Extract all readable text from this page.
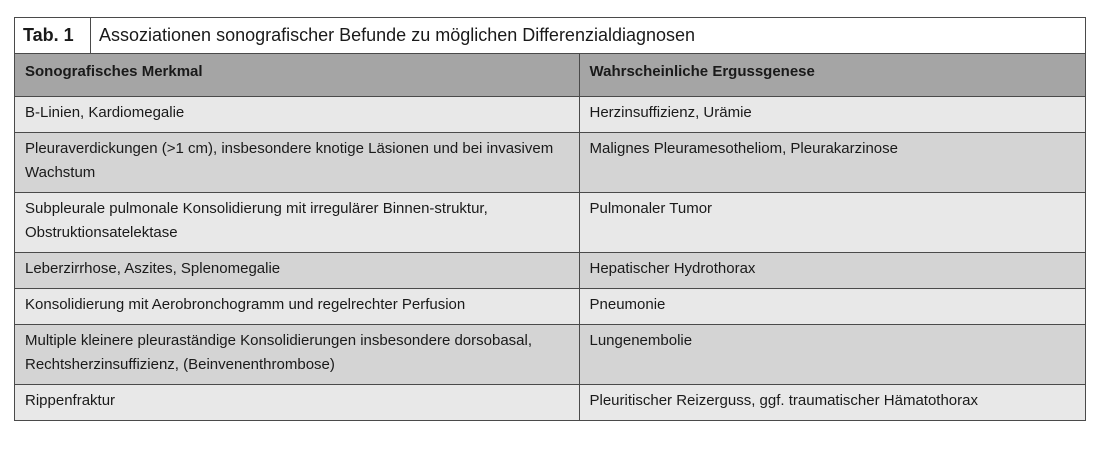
Tab. 1	Assoziationen sonografischer Befunde zu möglichen Differenzialdiagnosen
Sonografisches Merkmal	Wahrscheinliche Ergussgenese
B-Linien, Kardiomegalie	Herzinsuffizienz, Urämie
Pleuraverdickungen (>1 cm), insbesondere knotige Läsionen und bei invasivem Wachstum	Malignes Pleuramesotheliom, Pleurakarzinose
Subpleurale pulmonale Konsolidierung mit irregulärer Binnen-struktur, Obstruktionsatelektase	Pulmonaler Tumor
Leberzirrhose, Aszites, Splenomegalie	Hepatischer Hydrothorax
Konsolidierung mit Aerobronchogramm und regelrechter Perfusion	Pneumonie
Multiple kleinere pleuraständige Konsolidierungen insbesondere dorsobasal, Rechtsherzinsuffizienz, (Beinvenenthrombose)	Lungenembolie
Rippenfraktur	Pleuritischer Reizerguss, ggf. traumatischer Hämatothorax
